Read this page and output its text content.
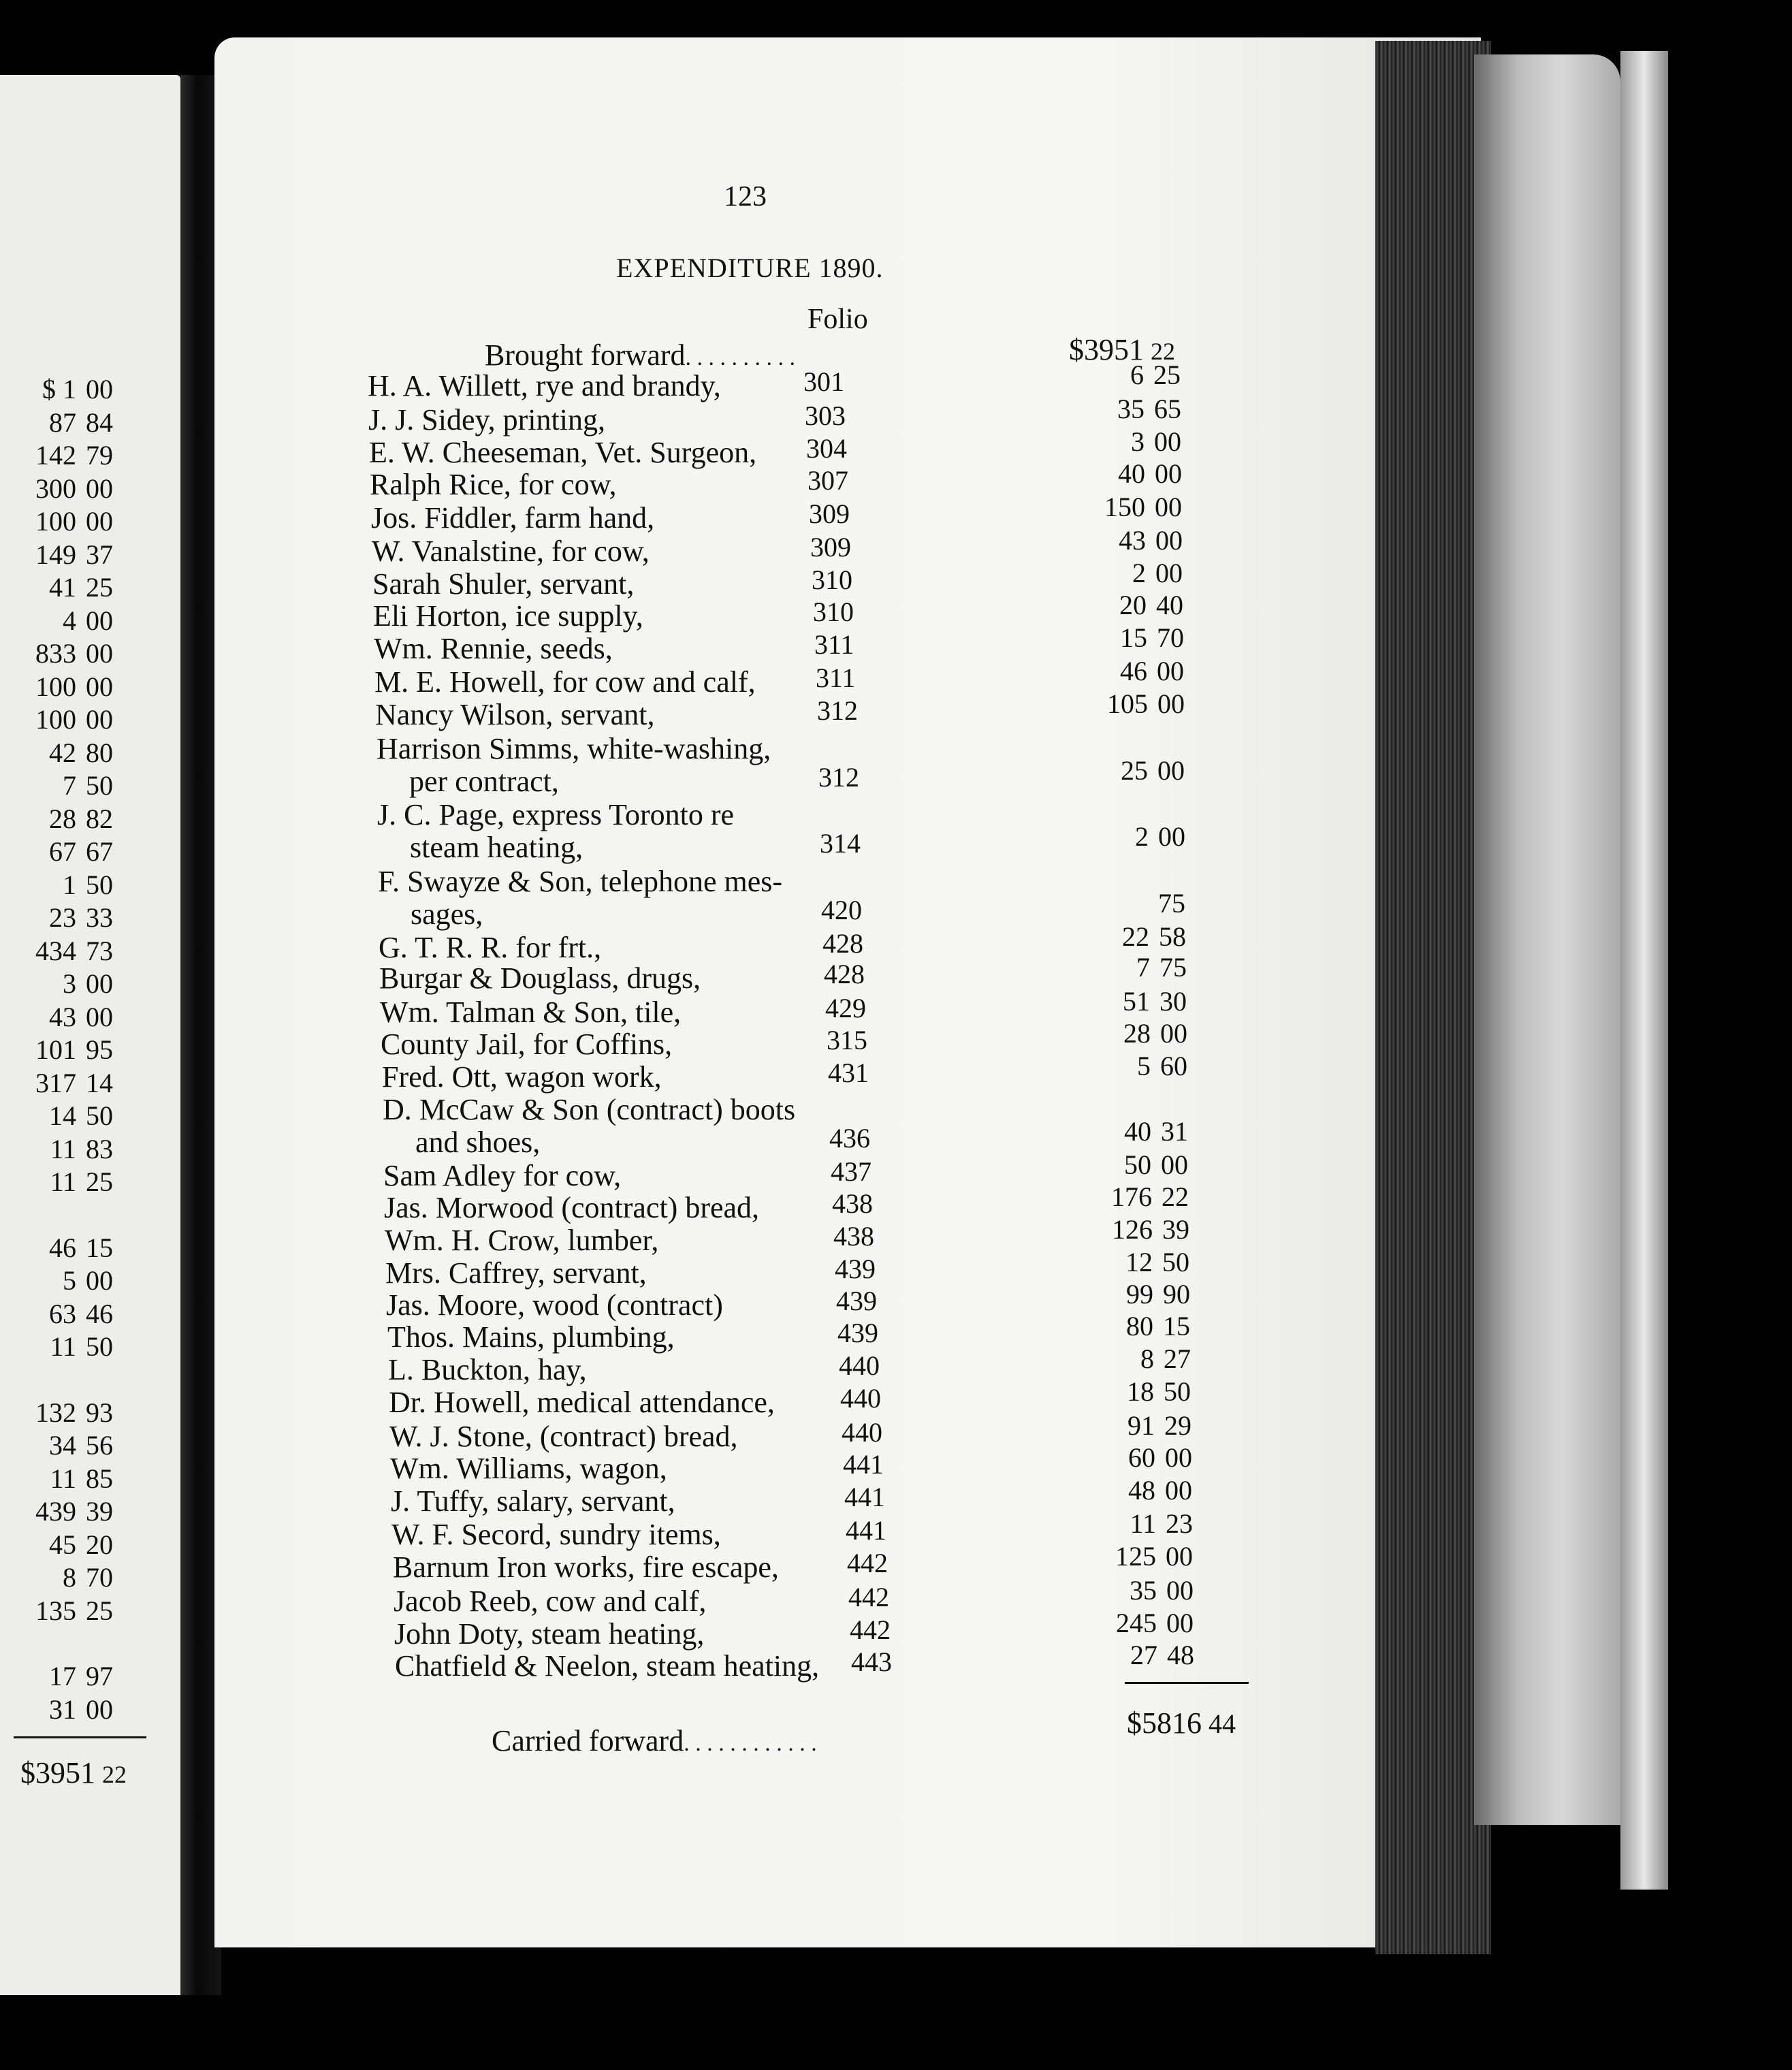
123
EXPENDITURE 1890.
Folio
Brought forward. . . . . . . . . .	$3951 22
H. A. Willett, rye and brandy,	301	6 25
J. J. Sidey, printing,	303	35 65
E. W. Cheeseman, Vet. Surgeon, 304	3 00
Ralph Rice, for cow,	307	40 00
Jos. Fiddler, farm hand,	309	150 00
W. Vanalstine, for cow,	309	43 00
Sarah Shuler, servant,	310	2 00
Eli Horton, ice supply,	310	20 40
Wm. Rennie, seeds,	311	15 70
M. E. Howell, for cow and calf, 311	46 00
Nancy Wilson, servant,	312	105 00
Harrison Simms, white-washing,
per contract,	312	25 00
J. C. Page, express Toronto re
steam heating,	314	2 00
F. Swayze & Son, telephone mes-
sages,	420	75
G. T. R. R. for frt.,	428	22 58
Burgar & Douglass, drugs,	428	7 75
Wm. Talman & Son, tile,	429	51 30
County Jail, for Coffins,	315	28 00
Fred. Ott, wagon work,	431	5 60
D. McCaw & Son (contract) boots
and shoes,	436	40 31
Sam Adley for cow,	437	50 00
Jas. Morwood (contract) bread,	438	176 22
Wm. H. Crow, lumber,	438	126 39
Mrs. Caffrey, servant,	439	12 50
Jas. Moore, wood (contract)	439	99 90
Thos. Mains, plumbing,	439	80 15
L. Buckton, hay,	440	8 27
Dr. Howell, medical attendance, 440	18 50
W. J. Stone, (contract) bread,	440	91 29
Wm. Williams, wagon,	441	60 00
J. Tuffy, salary, servant,	441	48 00
W. F. Secord, sundry items,	441	11 23
Barnum Iron works, fire escape,	442	125 00
Jacob Reeb, cow and calf,	442	35 00
John Doty, steam heating,	442	245 00
Chatfield & Neelon, steam heating, 443	27 48
Carried forward. . . . . . . . . . . .
$5816 44
$ 1 00
87 84
142 79
300 00
100 00
149 37
41 25
4 00
833 00
100 00
100 00
42 80
7 50
28 82
67 67
1 50
23 33
434 73
3 00
43 00
101 95
317 14
14 50
11 83
11 25
46 15
5 00
63 46
11 50
132 93
34 56
11 85
439 39
45 20
8 70
135 25
17 97
31 00
$3951 22
